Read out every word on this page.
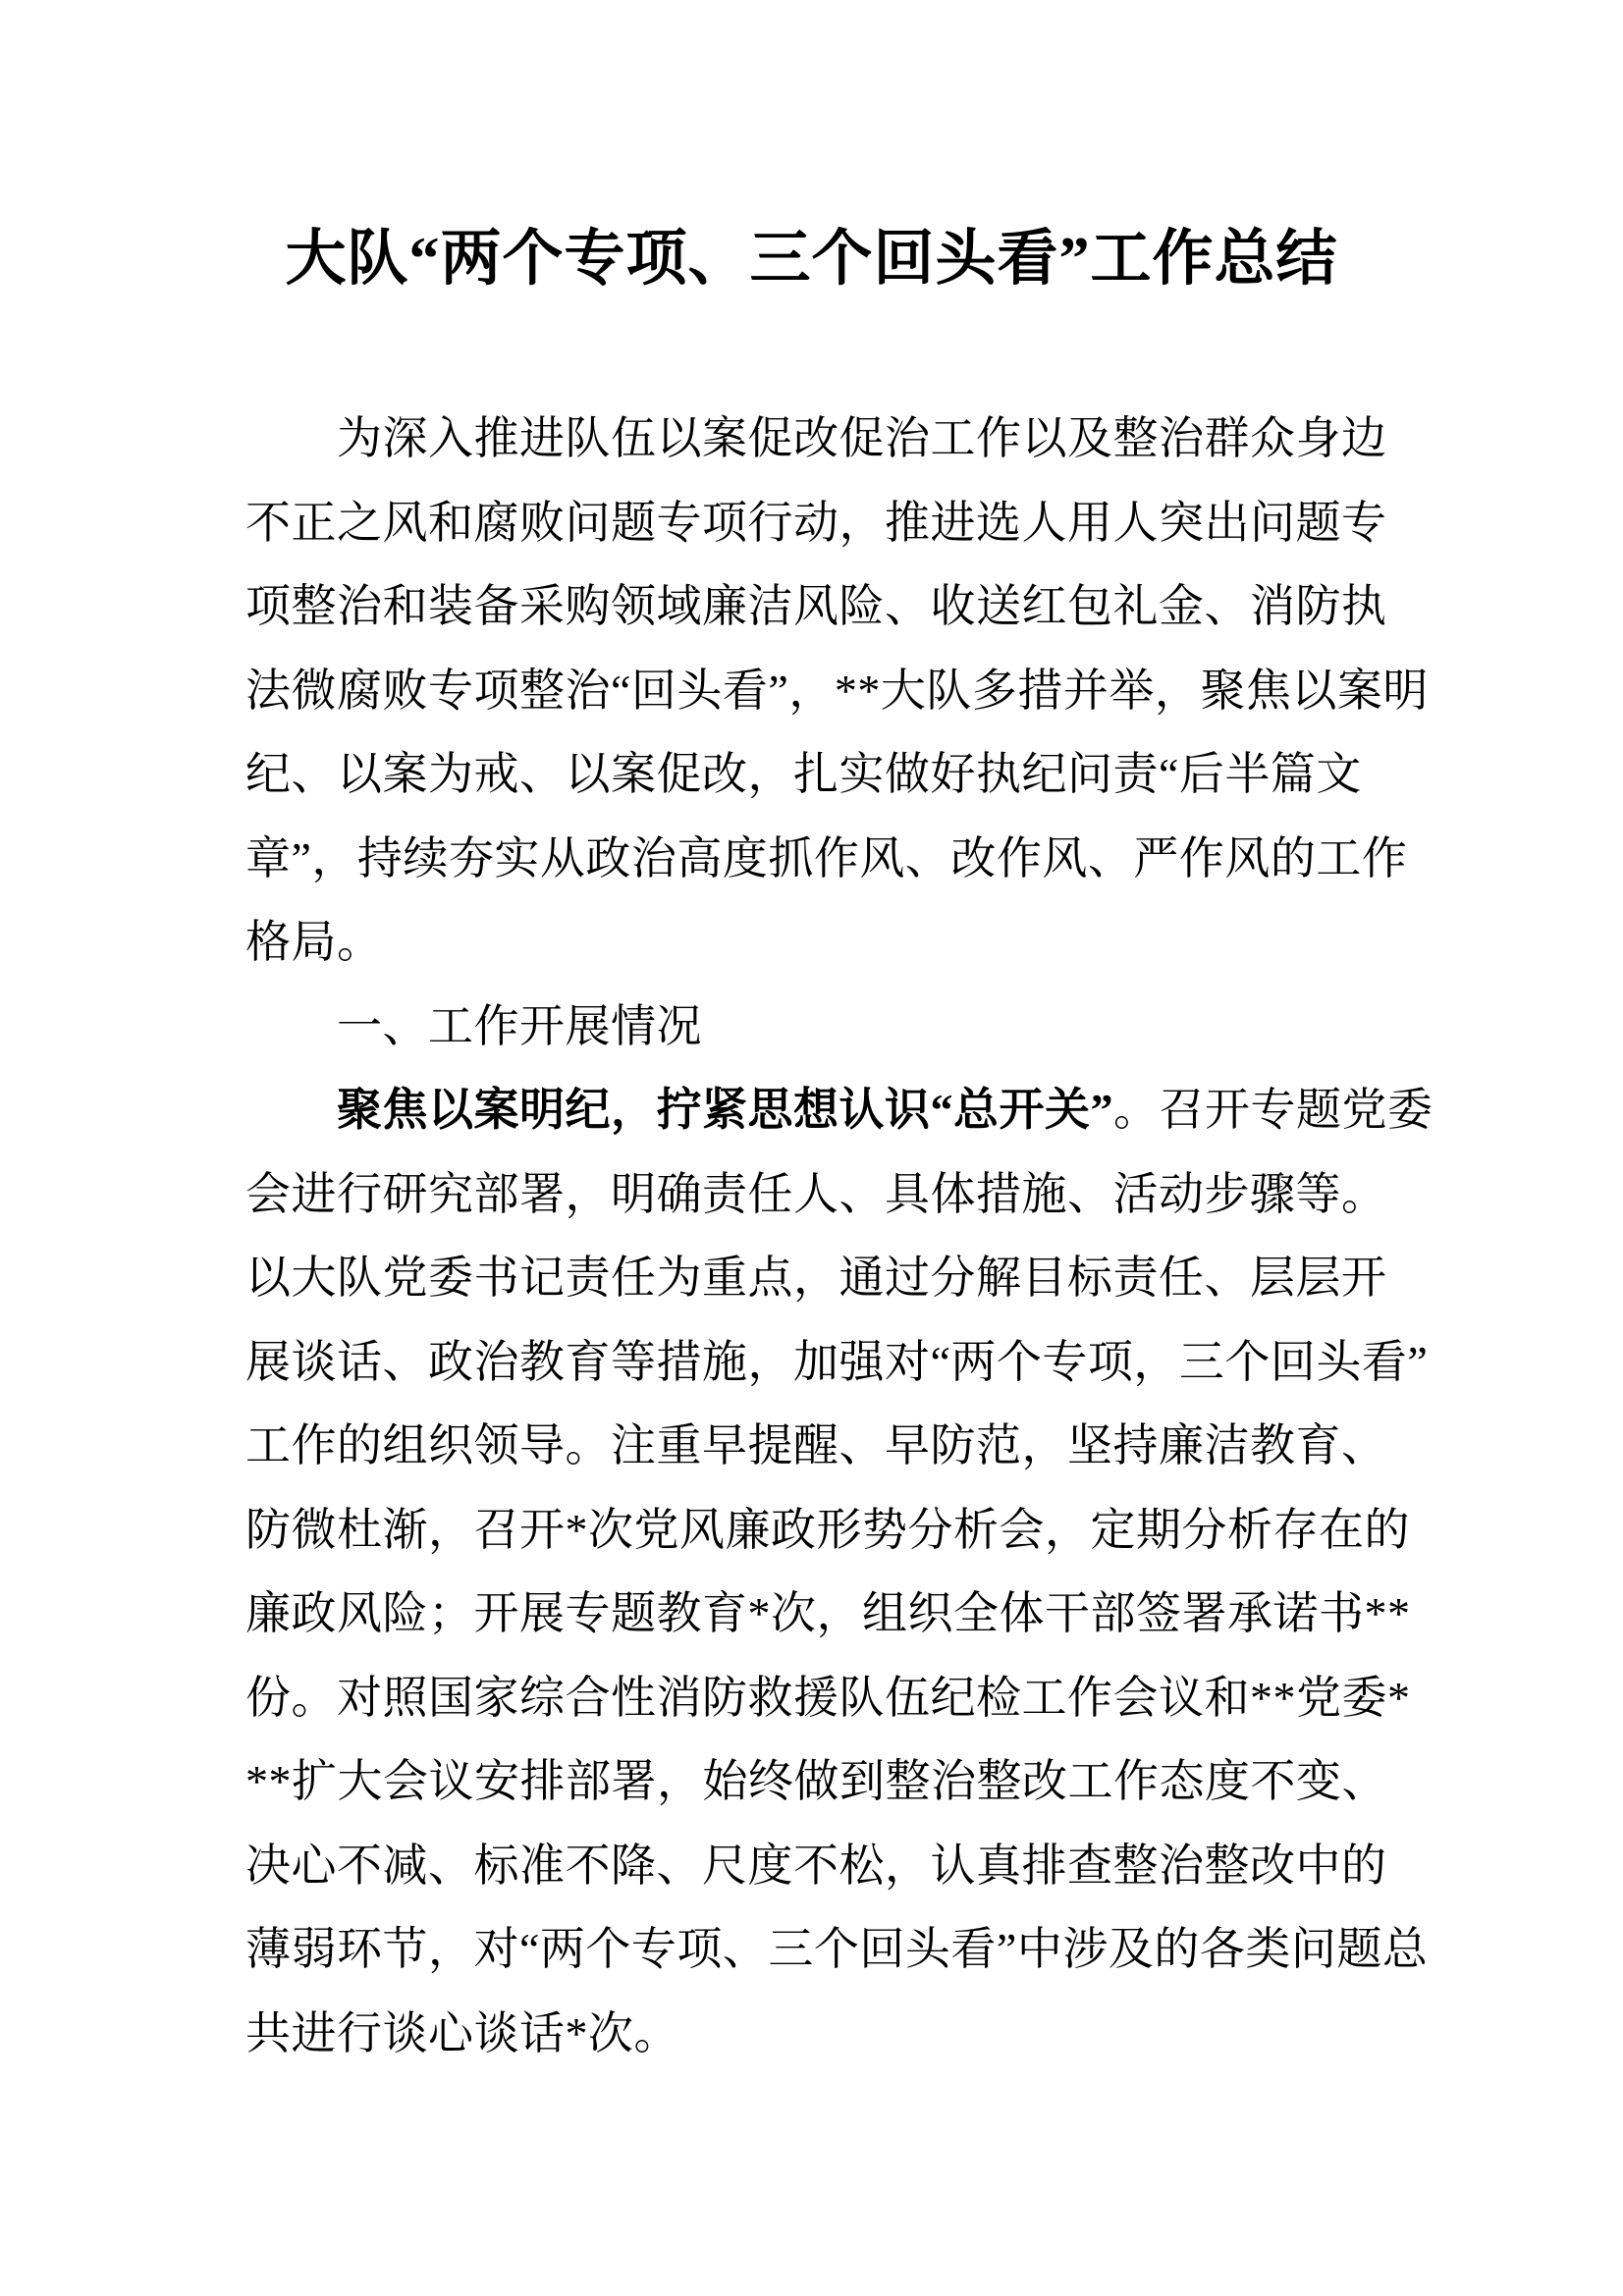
大队“两个专项、三个回头看”工作总结
为深入推进队伍以案促改促治工作以及整治群众身边
不正之风和腐败问题专项行动，推进选人用人突出问题专
项整治和装备采购领域廉洁风险、收送红包礼金、消防执
法微腐败专项整治“回头看”，**大队多措并举，聚焦以案明
纪、以案为戒、以案促改，扎实做好执纪问责“后半篇文
章”，持续夯实从政治高度抓作风、改作风、严作风的工作
格局。
一、工作开展情况
聚焦以案明纪，拧紧思想认识“总开关”。召开专题党委
会进行研究部署，明确责任人、具体措施、活动步骤等。
以大队党委书记责任为重点，通过分解目标责任、层层开
展谈话、政治教育等措施，加强对“两个专项，三个回头看”
工作的组织领导。注重早提醒、早防范，坚持廉洁教育、
防微杜渐，召开*次党风廉政形势分析会，定期分析存在的
廉政风险；开展专题教育*次，组织全体干部签署承诺书**
份。对照国家综合性消防救援队伍纪检工作会议和**党委*
**扩大会议安排部署，始终做到整治整改工作态度不变、
决心不减、标准不降、尺度不松，认真排查整治整改中的
薄弱环节，对“两个专项、三个回头看”中涉及的各类问题总
共进行谈心谈话*次。
